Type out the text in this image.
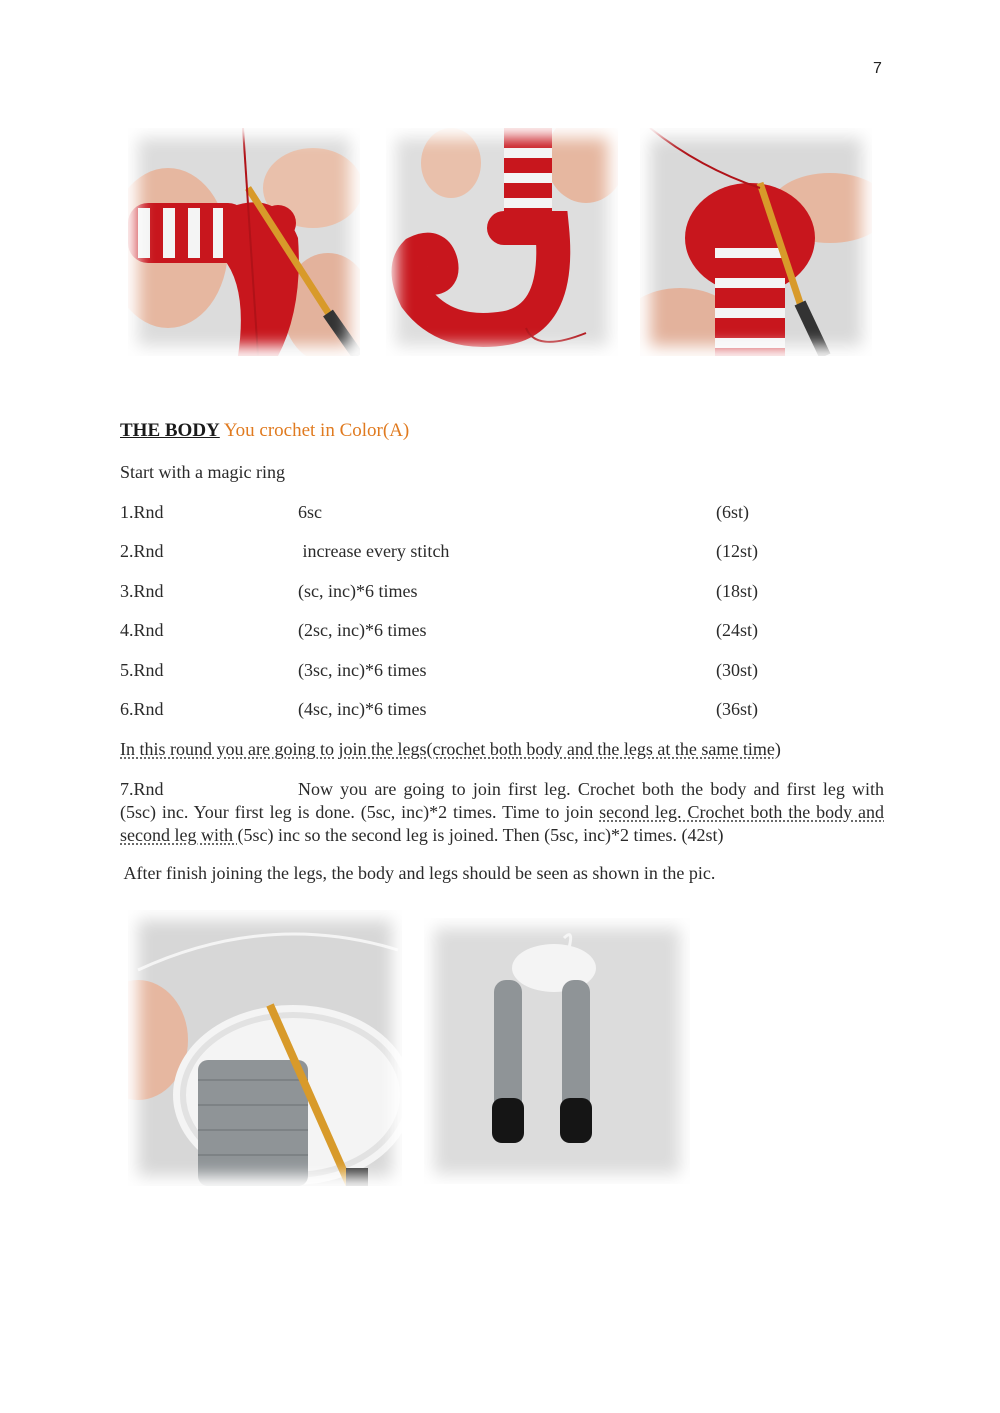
7
THE BODY You crochet in Color(A)
Start with a magic ring
1.Rnd	6sc	(6st)
2.Rnd	increase every stitch	(12st)
3.Rnd	(sc, inc)*6 times	(18st)
4.Rnd	(2sc, inc)*6 times	(24st)
5.Rnd	(3sc, inc)*6 times	(30st)
6.Rnd	(4sc, inc)*6 times	(36st)
In this round you are going to join the legs(crochet both body and the legs at the same time)
7.Rnd	Now you are going to join first leg. Crochet both the body and first leg with (5sc) inc. Your first leg is done. (5sc, inc)*2 times. Time to join second leg. Crochet both the body and second leg with (5sc) inc so the second leg is joined. Then (5sc, inc)*2 times. (42st)
After finish joining the legs, the body and legs should be seen as shown in the pic.
